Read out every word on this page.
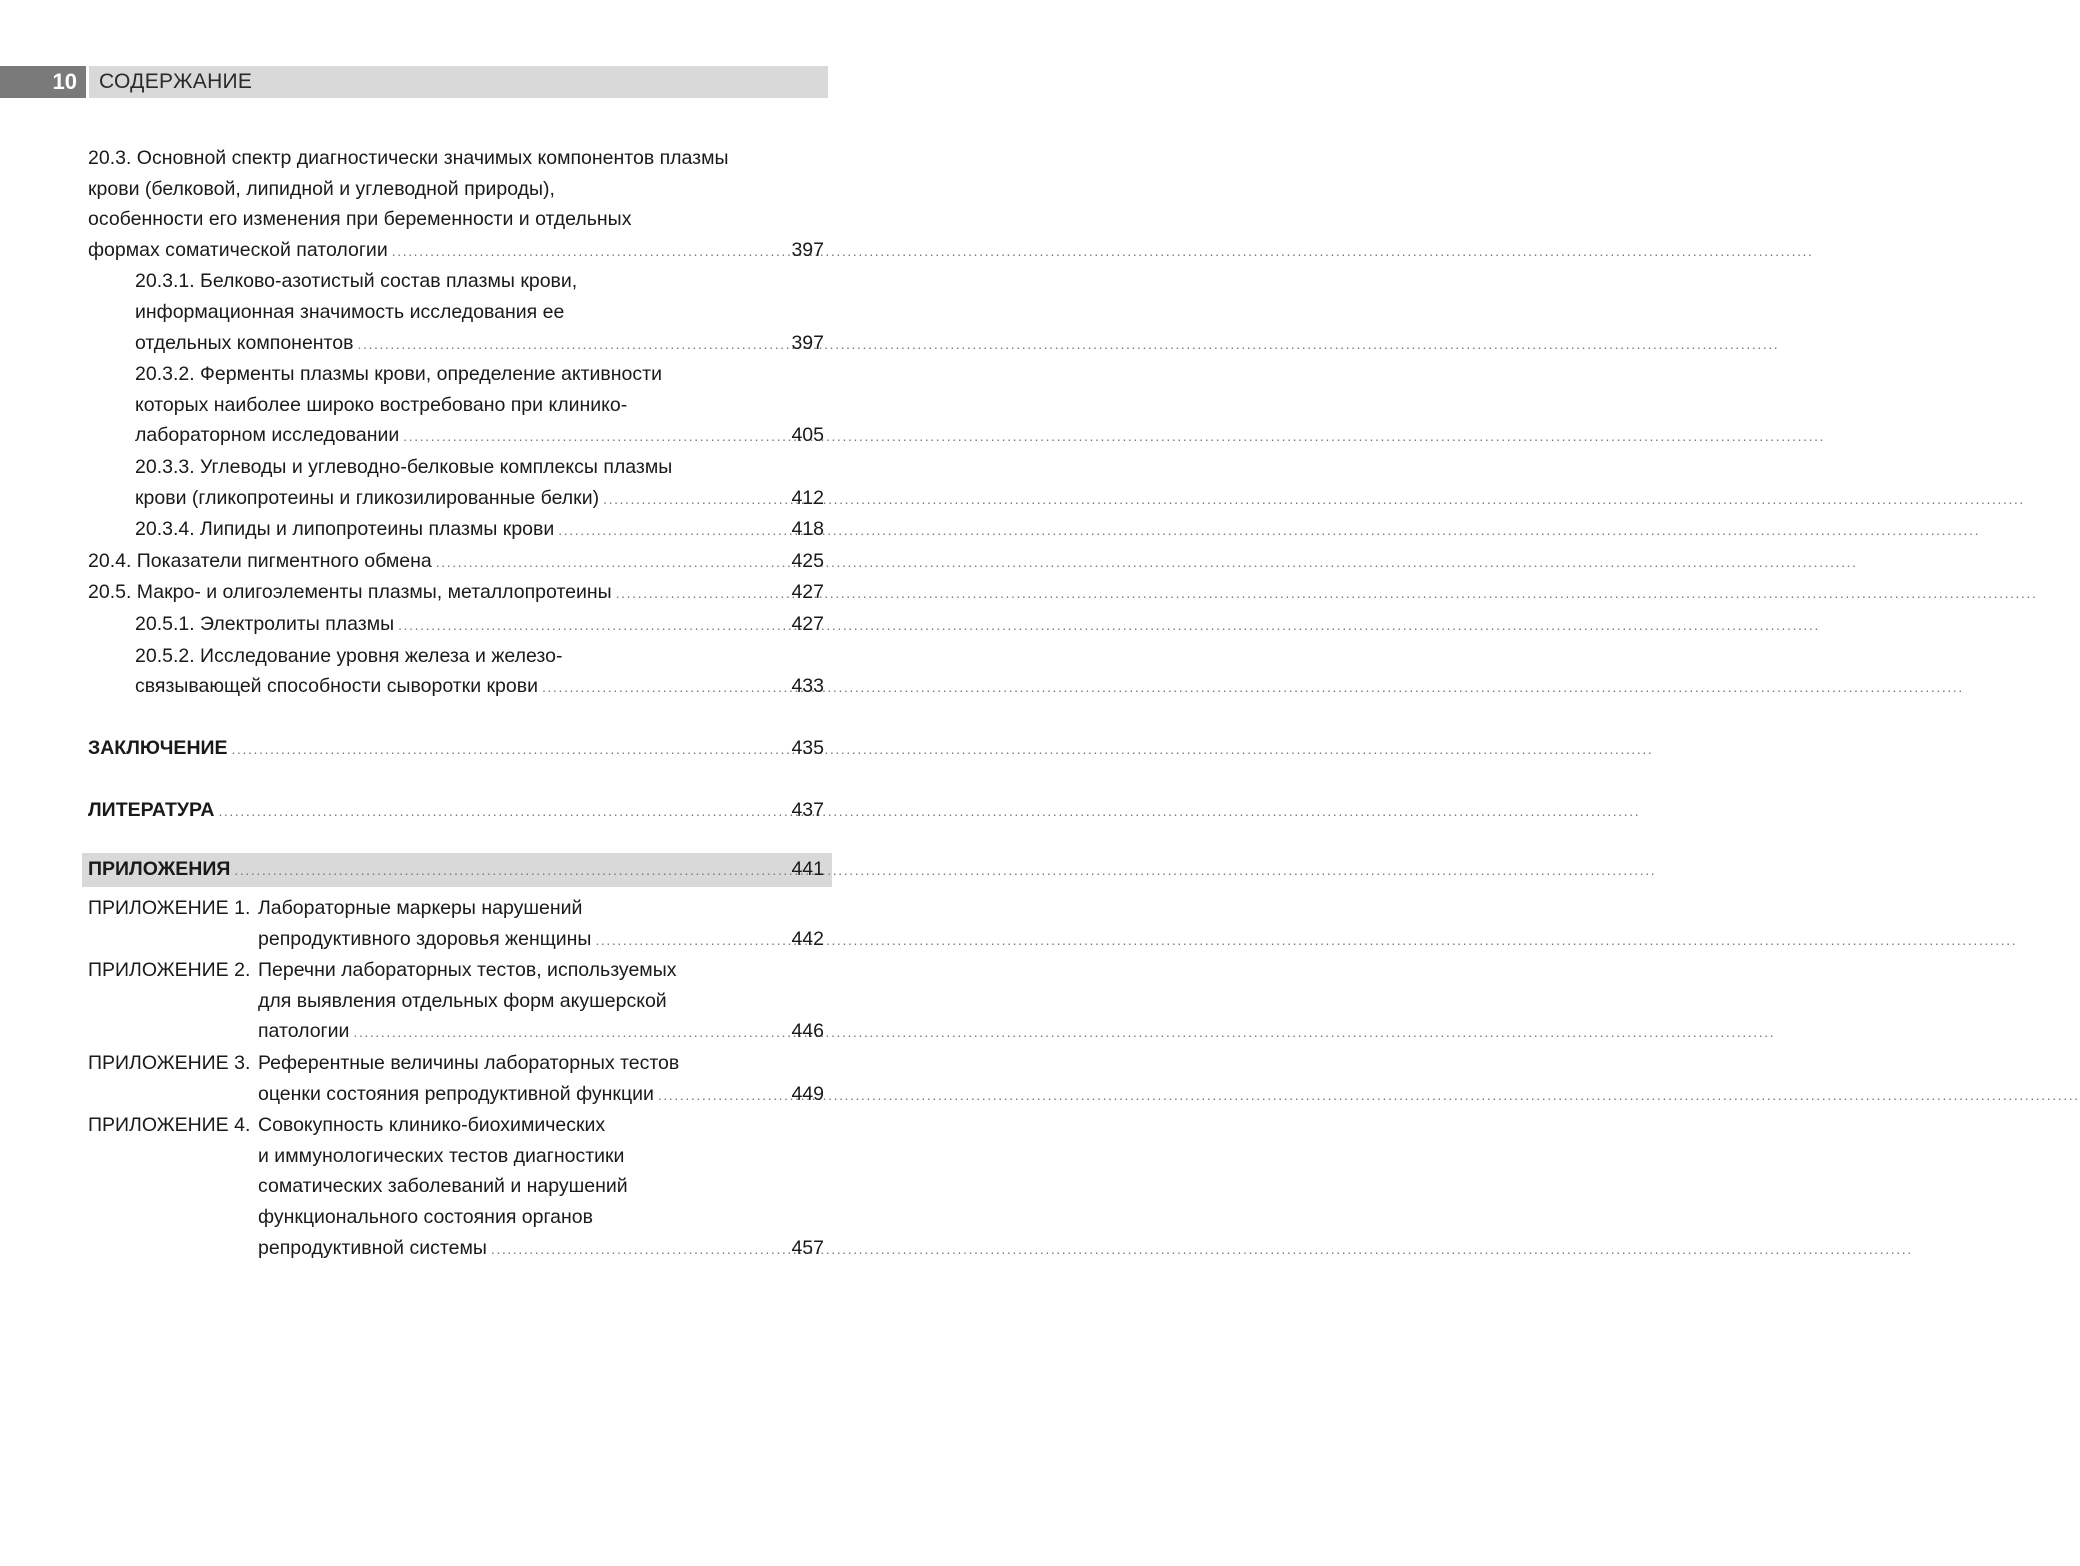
10	СОДЕРЖАНИЕ
20.3. Основной спектр диагностически значимых компонентов плазмы
крови (белковой, липидной и углеводной природы),
особенности его изменения при беременности и отдельных
формах соматической патологии .....	397
20.3.1. Белково-азотистый состав плазмы крови,
информационная значимость исследования ее
отдельных компонентов .....	397
20.3.2. Ферменты плазмы крови, определение активности
которых наиболее широко востребовано при клинико-
лабораторном исследовании .....	405
20.3.3. Углеводы и углеводно-белковые комплексы плазмы
крови (гликопротеины и гликозилированные белки) .....	412
20.3.4. Липиды и липопротеины плазмы крови .....	418
20.4. Показатели пигментного обмена .....	425
20.5. Макро- и олигоэлементы плазмы, металлопротеины .....	427
20.5.1. Электролиты плазмы .....	427
20.5.2. Исследование уровня железа и железо-
связывающей способности сыворотки крови .....	433
ЗАКЛЮЧЕНИЕ .....	435
ЛИТЕРАТУРА .....	437
ПРИЛОЖЕНИЯ .....	441
ПРИЛОЖЕНИЕ 1. Лабораторные маркеры нарушений
репродуктивного здоровья женщины .....	442
ПРИЛОЖЕНИЕ 2. Перечни лабораторных тестов, используемых
для выявления отдельных форм акушерской
патологии .....	446
ПРИЛОЖЕНИЕ 3. Референтные величины лабораторных тестов
оценки состояния репродуктивной функции .....	449
ПРИЛОЖЕНИЕ 4. Совокупность клинико-биохимических
и иммунологических тестов диагностики
соматических заболеваний и нарушений
функционального состояния органов
репродуктивной системы .....	457
